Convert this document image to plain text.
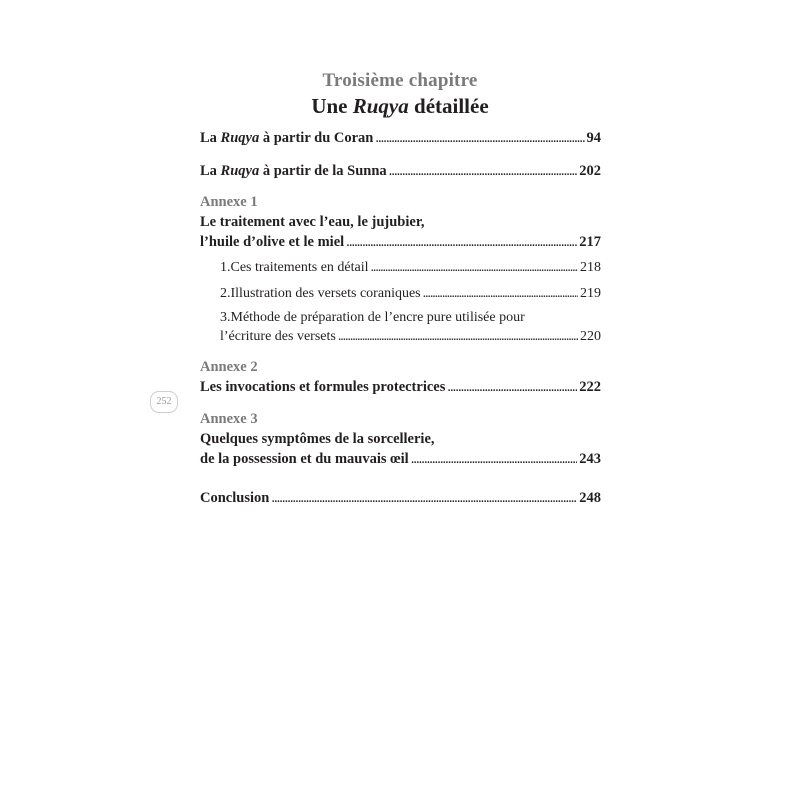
Troisième chapitre
Une Ruqya détaillée
La Ruqya à partir du Coran . . .	94
La Ruqya à partir de la Sunna . . .	202
Annexe 1
Le traitement avec l’eau, le jujubier,
l’huile d’olive et le miel . . .	217
1.Ces traitements en détail . . .	218
2.Illustration des versets coraniques . . .	219
3.Méthode de préparation de l’encre pure utilisée pour
l’écriture des versets . . .	220
Annexe 2
Les invocations et formules protectrices . . .	222
Annexe 3
Quelques symptômes de la sorcellerie,
de la possession et du mauvais œil . . .	243
Conclusion . . .	248
252
